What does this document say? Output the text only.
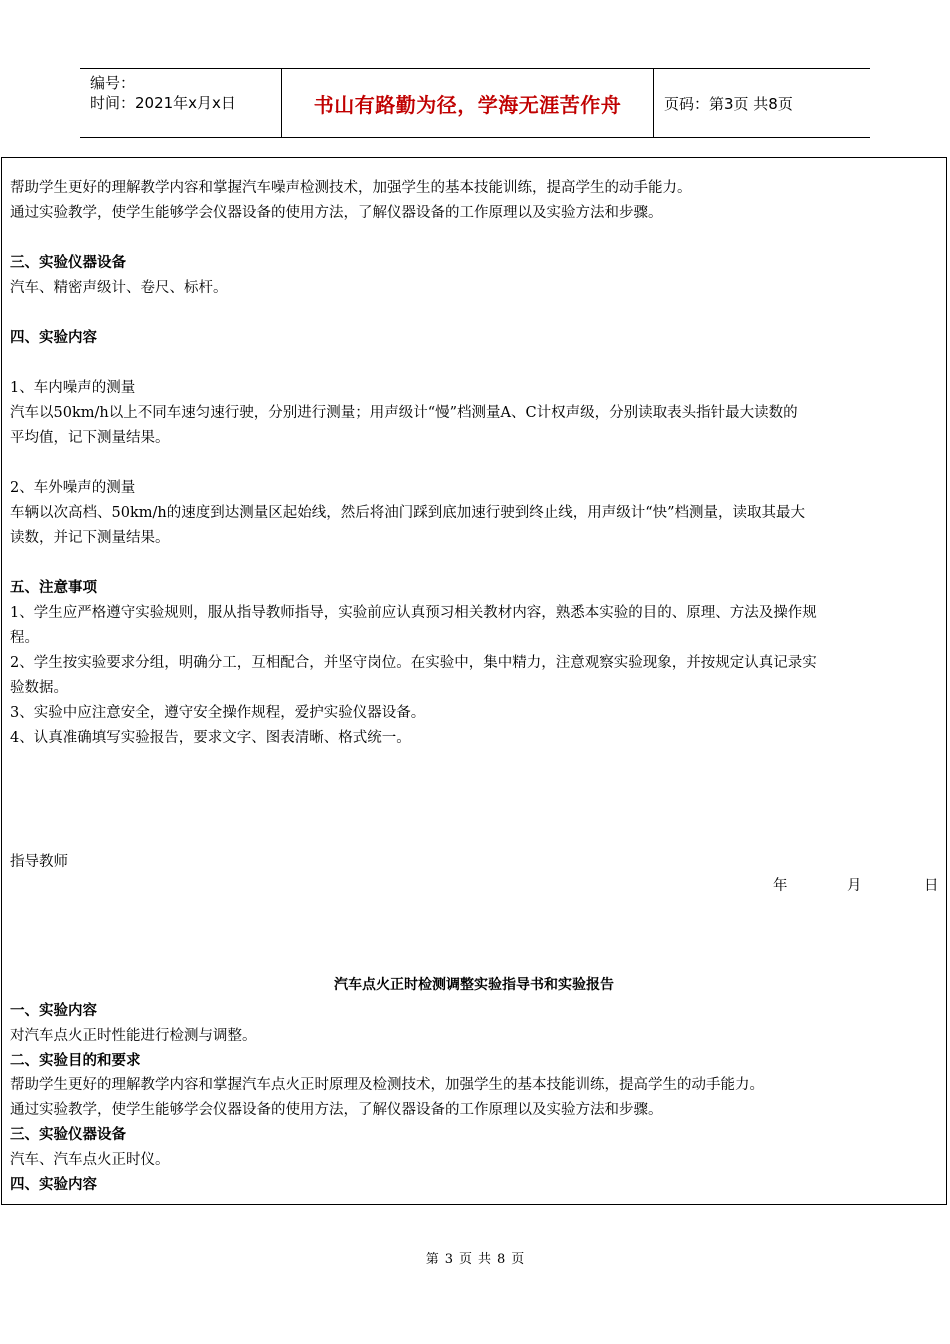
编号：
时间：2021年x月x日	书山有路勤为径，学海无涯苦作舟	页码：第3页 共8页
帮助学生更好的理解教学内容和掌握汽车噪声检测技术，加强学生的基本技能训练，提高学生的动手能力。
通过实验教学，使学生能够学会仪器设备的使用方法，了解仪器设备的工作原理以及实验方法和步骤。
三、实验仪器设备
汽车、精密声级计、卷尺、标杆。
四、实验内容
1、车内噪声的测量
汽车以50km/h以上不同车速匀速行驶，分别进行测量；用声级计“慢”档测量A、C计权声级，分别读取表头指针最大读数的
平均值，记下测量结果。
2、车外噪声的测量
车辆以次高档、50km/h的速度到达测量区起始线，然后将油门踩到底加速行驶到终止线，用声级计“快”档测量，读取其最大
读数，并记下测量结果。
五、注意事项
1、学生应严格遵守实验规则，服从指导教师指导，实验前应认真预习相关教材内容，熟悉本实验的目的、原理、方法及操作规
程。
2、学生按实验要求分组，明确分工，互相配合，并坚守岗位。在实验中，集中精力，注意观察实验现象，并按规定认真记录实
验数据。
3、实验中应注意安全，遵守安全操作规程，爱护实验仪器设备。
4、认真准确填写实验报告，要求文字、图表清晰、格式统一。
指导教师
年	月	日
汽车点火正时检测调整实验指导书和实验报告
一、实验内容
对汽车点火正时性能进行检测与调整。
二、实验目的和要求
帮助学生更好的理解教学内容和掌握汽车点火正时原理及检测技术，加强学生的基本技能训练，提高学生的动手能力。
通过实验教学，使学生能够学会仪器设备的使用方法，了解仪器设备的工作原理以及实验方法和步骤。
三、实验仪器设备
汽车、汽车点火正时仪。
四、实验内容
第 3 页 共 8 页
